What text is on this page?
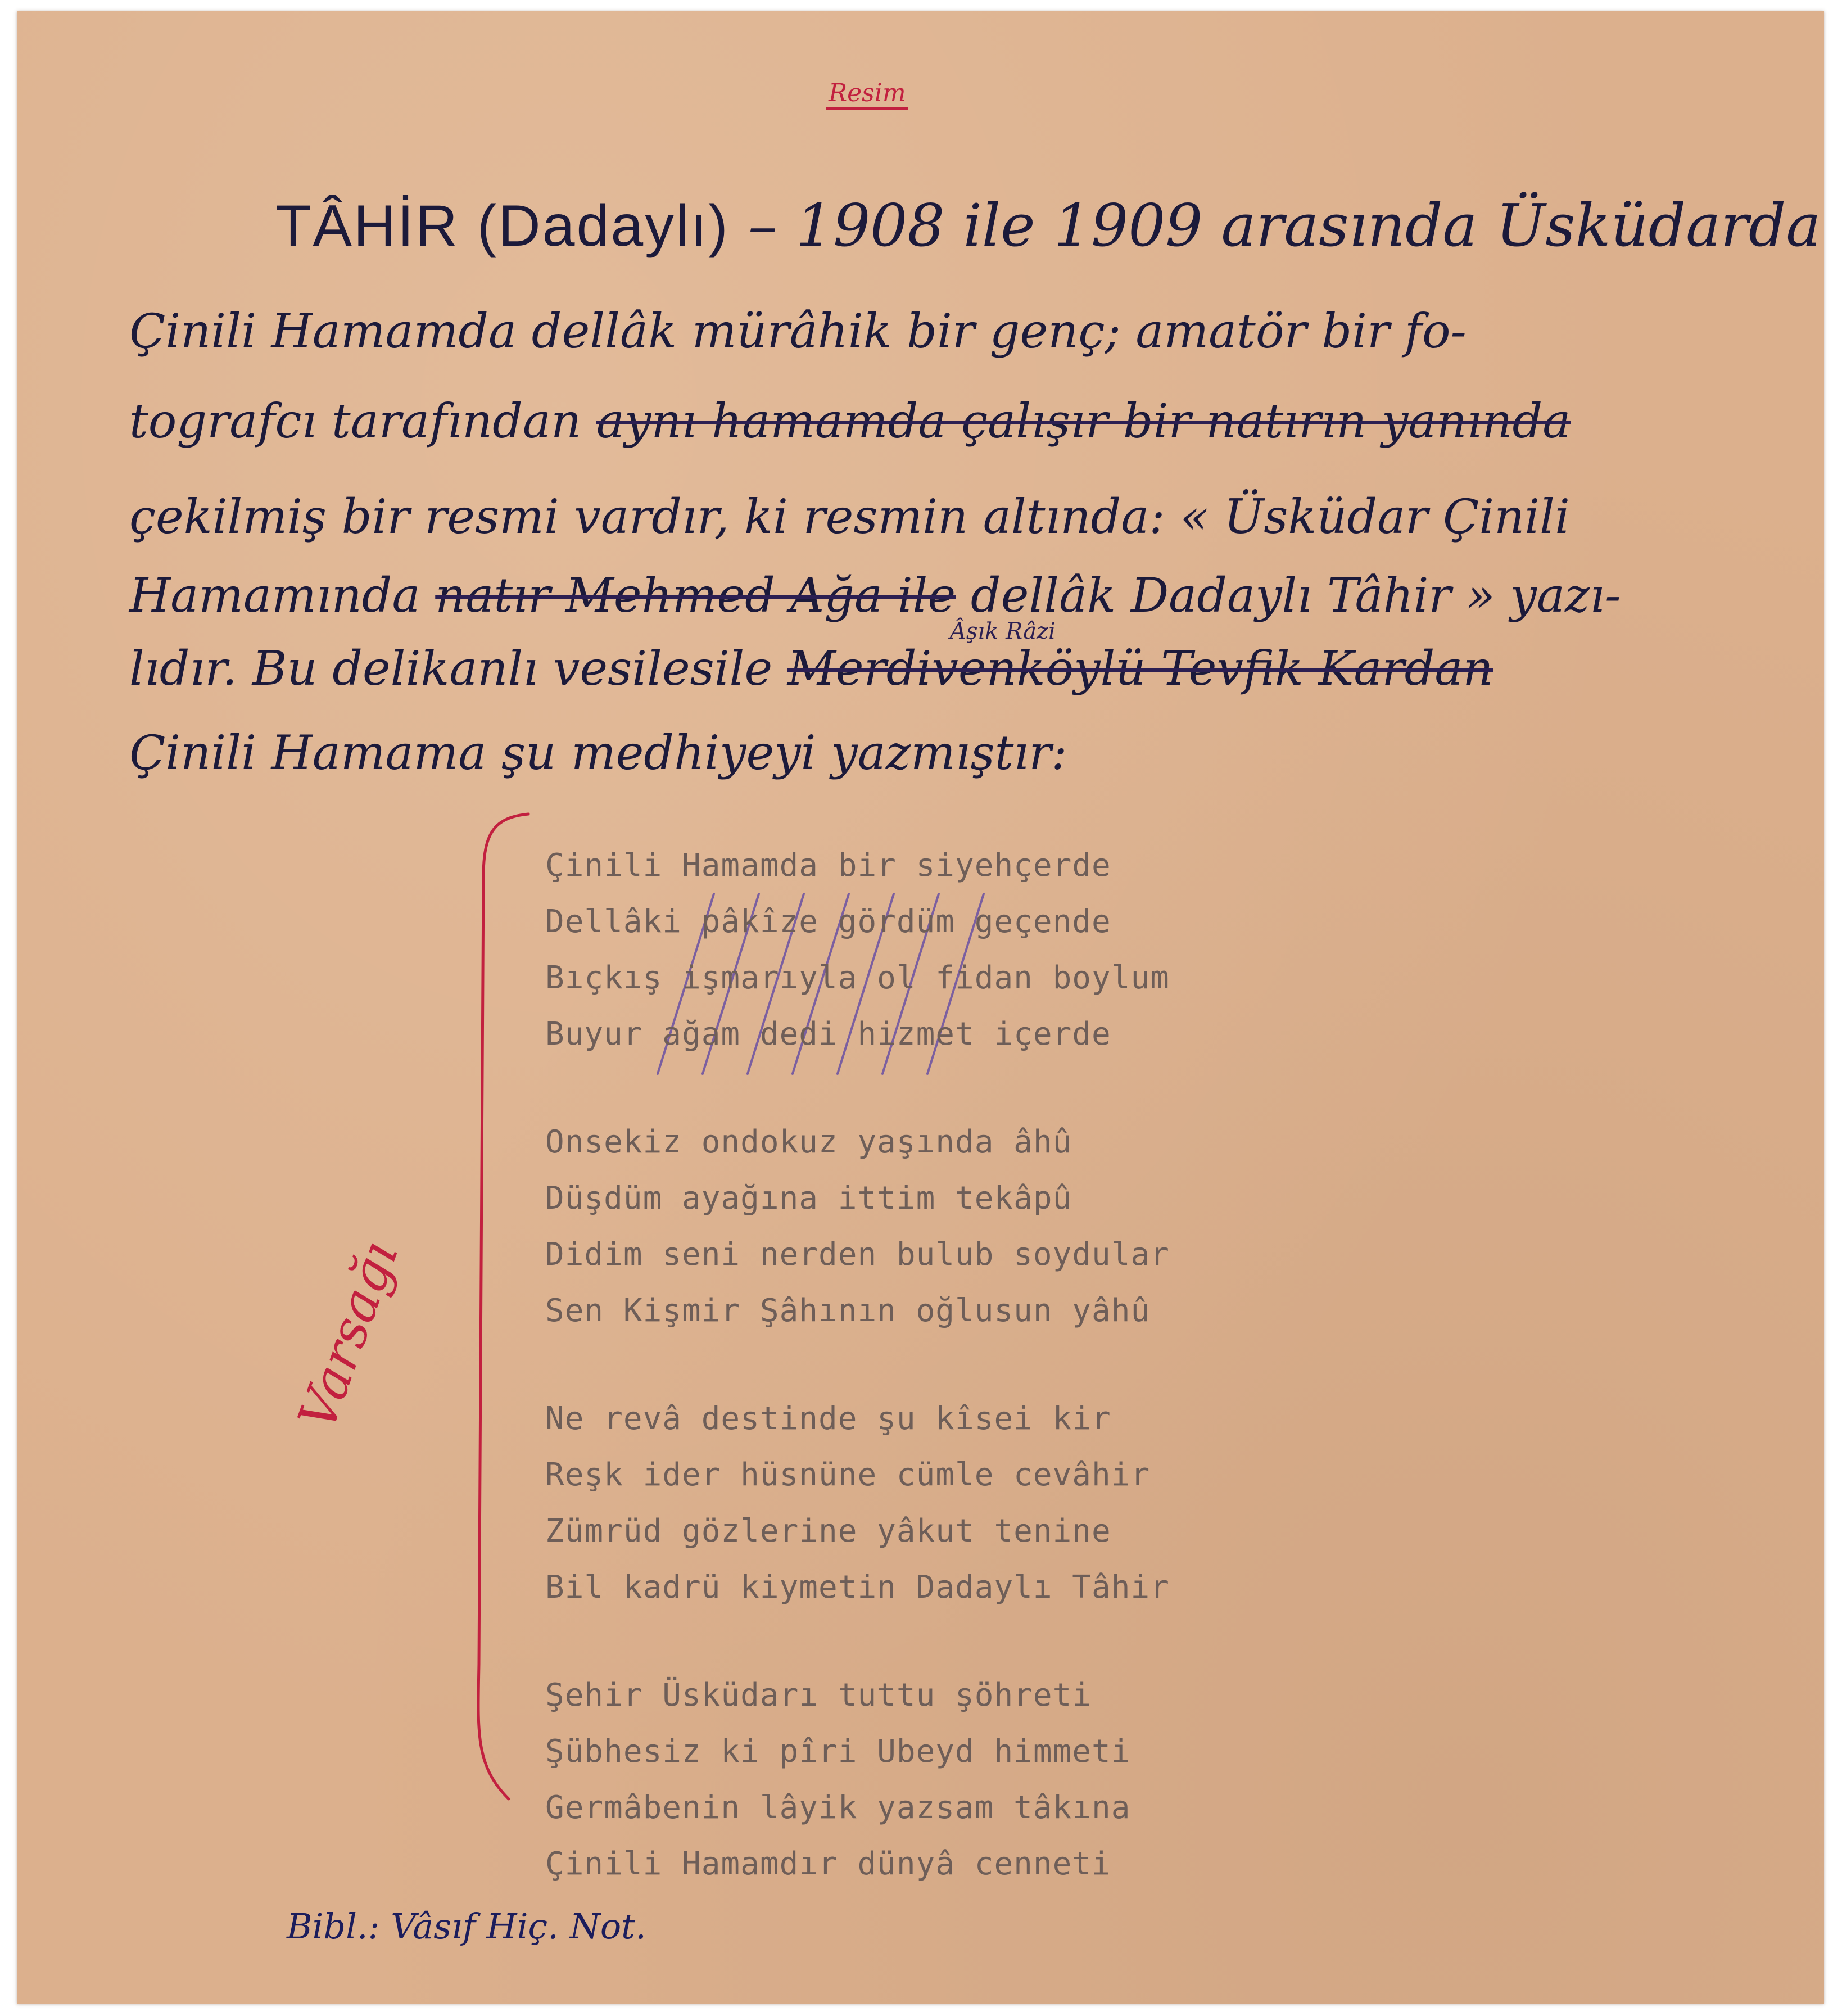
Resim
TÂHİR (Dadaylı) – 1908 ile 1909 arasında Üsküdarda
Çinili Hamamda dellâk mürâhik bir genç; amatör bir fo-
tografcı tarafından aynı hamamda çalışır bir natırın yanında
çekilmiş bir resmi vardır, ki resmin altında: « Üsküdar Çinili
Hamamında natır Mehmed Ağa ile dellâk Dadaylı Tâhir » yazı-
Âşık Râzi
lıdır. Bu delikanlı vesilesile Merdivenköylü Tevfik Kardan
Çinili Hamama şu medhiyeyi yazmıştır:
Varsağı
Çinili Hamamda bir siyehçerde
Dellâki pâkîze gördüm geçende
Bıçkış işmarıyla ol fidan boylum
Buyur ağam dedi hizmet içerde
Onsekiz ondokuz yaşında âhû
Düşdüm ayağına ittim tekâpû
Didim seni nerden bulub soydular
Sen Kişmir Şâhının oğlusun yâhû
Ne revâ destinde şu kîsei kir
Reşk ider hüsnüne cümle cevâhir
Zümrüd gözlerine yâkut tenine
Bil kadrü kiymetin Dadaylı Tâhir
Şehir Üsküdarı tuttu şöhreti
Şübhesiz ki pîri Ubeyd himmeti
Germâbenin lâyik yazsam tâkına
Çinili Hamamdır dünyâ cenneti
Bibl.: Vâsıf Hiç. Not.
